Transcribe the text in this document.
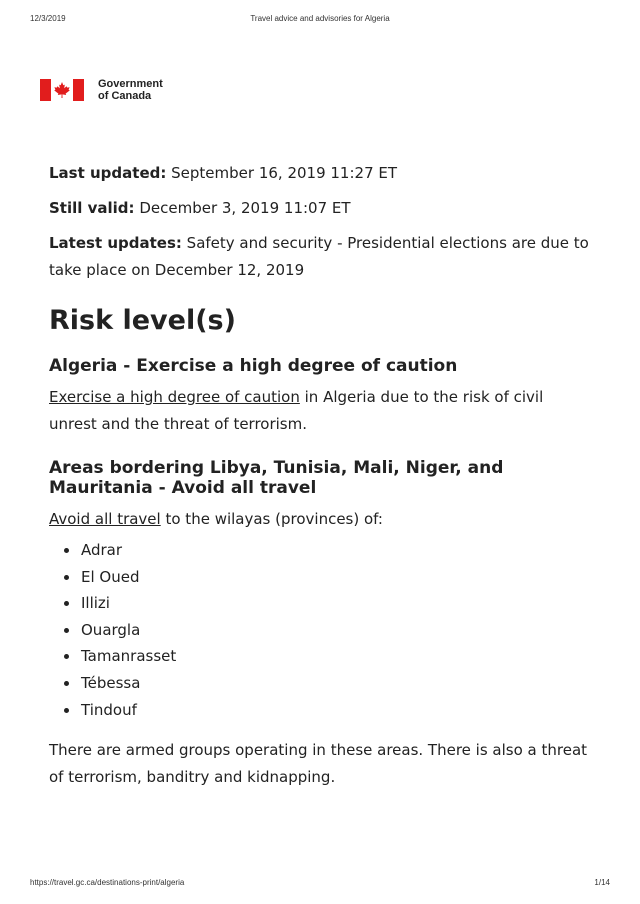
12/3/2019	Travel advice and advisories for Algeria
Government
of Canada

Last updated: September 16, 2019 11:27 ET

Still valid: December 3, 2019 11:07 ET

Latest updates: Safety and security - Presidential elections are due to take place on December 12, 2019

Risk level(s)
Algeria - Exercise a high degree of caution

Exercise a high degree of caution in Algeria due to the risk of civil unrest and the threat of terrorism.

Areas bordering Libya, Tunisia, Mali, Niger, and Mauritania - Avoid all travel

Avoid all travel to the wilayas (provinces) of:

• Adrar
• El Oued
• Illizi
• Ouargla
• Tamanrasset
• Tébessa
• Tindouf

There are armed groups operating in these areas. There is also a threat of terrorism, banditry and kidnapping.

https://travel.gc.ca/destinations-print/algeria	1/14
